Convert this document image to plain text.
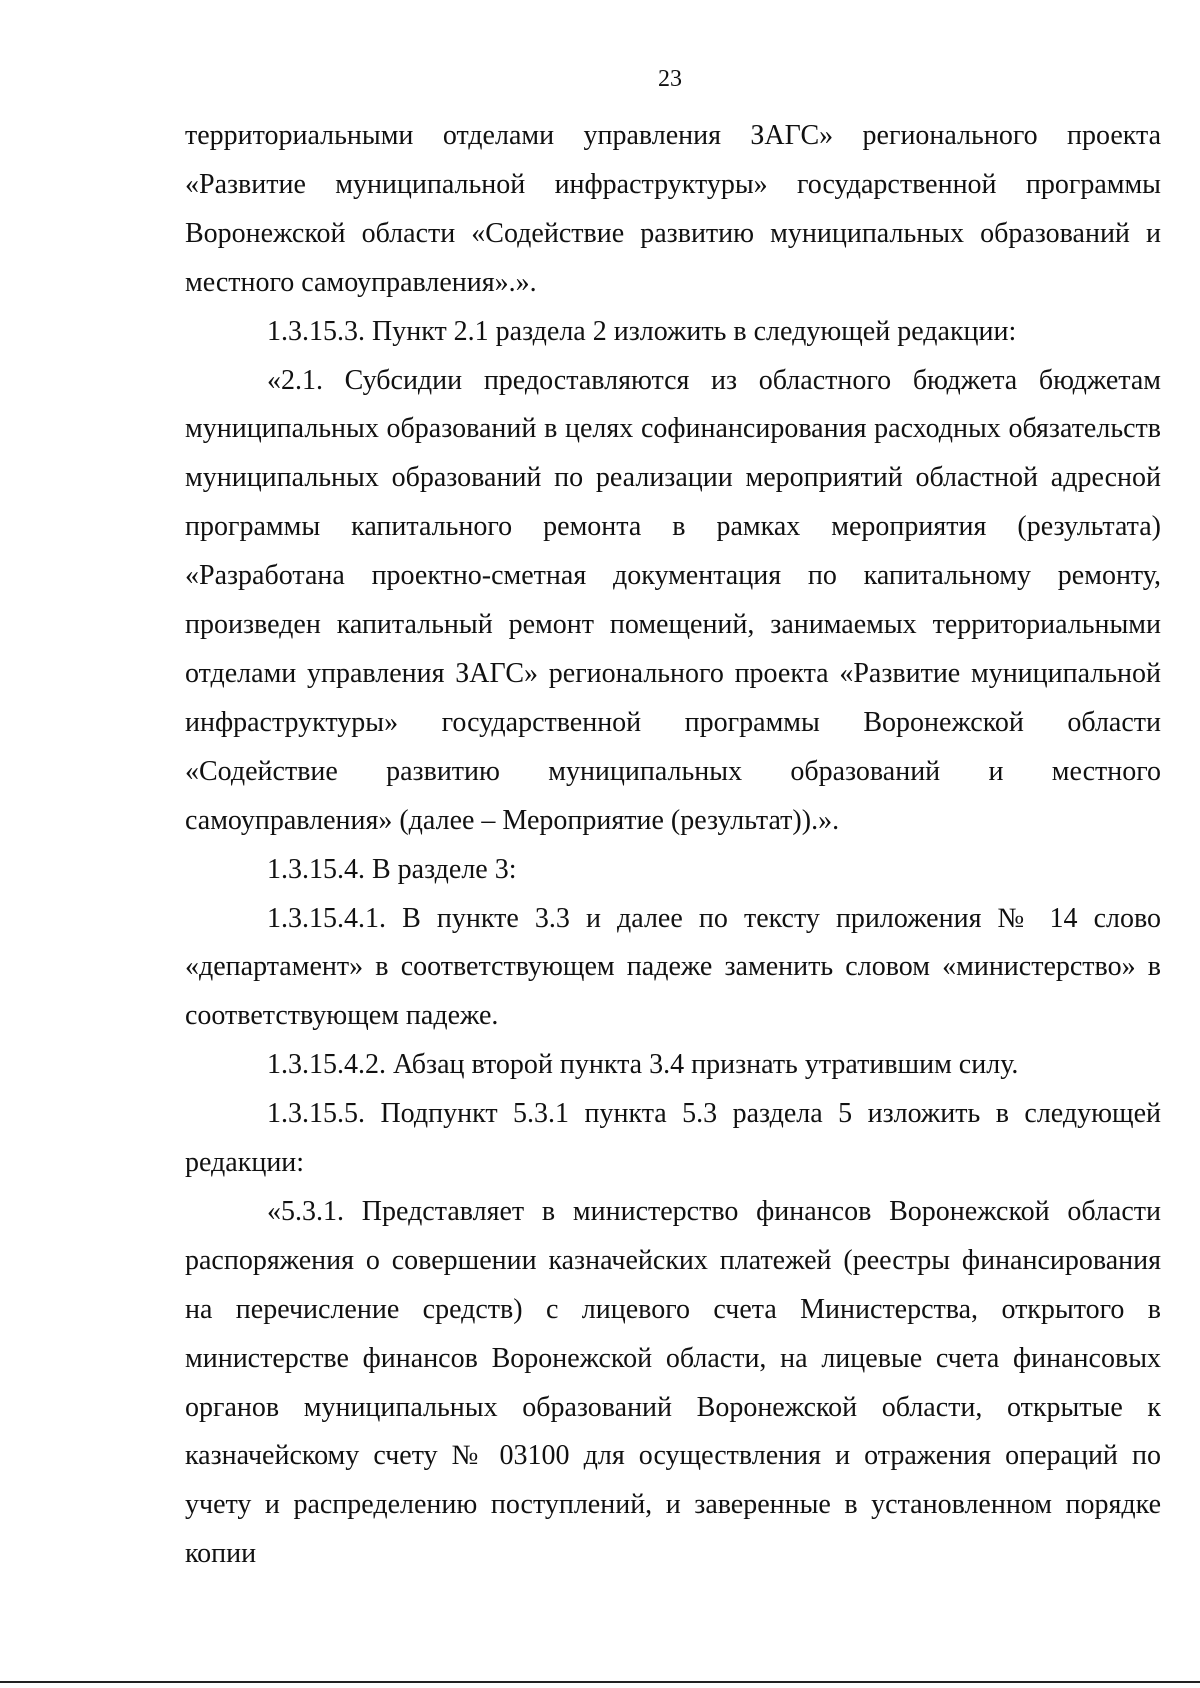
23

территориальными отделами управления ЗАГС» регионального проекта «Развитие муниципальной инфраструктуры» государственной программы Воронежской области «Содействие развитию муниципальных образований и местного самоуправления».».

1.3.15.3. Пункт 2.1 раздела 2 изложить в следующей редакции:

«2.1. Субсидии предоставляются из областного бюджета бюджетам муниципальных образований в целях софинансирования расходных обязательств муниципальных образований по реализации мероприятий областной адресной программы капитального ремонта в рамках мероприятия (результата) «Разработана проектно-сметная документация по капитальному ремонту, произведен капитальный ремонт помещений, занимаемых территориальными отделами управления ЗАГС» регионального проекта «Развитие муниципальной инфраструктуры» государственной программы Воронежской области «Содействие развитию муниципальных образований и местного самоуправления» (далее – Мероприятие (результат)).».

1.3.15.4. В разделе 3:

1.3.15.4.1. В пункте 3.3 и далее по тексту приложения № 14 слово «департамент» в соответствующем падеже заменить словом «министерство» в соответствующем падеже.

1.3.15.4.2. Абзац второй пункта 3.4 признать утратившим силу.

1.3.15.5. Подпункт 5.3.1 пункта 5.3 раздела 5 изложить в следующей редакции:

«5.3.1. Представляет в министерство финансов Воронежской области распоряжения о совершении казначейских платежей (реестры финансирования на перечисление средств) с лицевого счета Министерства, открытого в министерстве финансов Воронежской области, на лицевые счета финансовых органов муниципальных образований Воронежской области, открытые к казначейскому счету № 03100 для осуществления и отражения операций по учету и распределению поступлений, и заверенные в установленном порядке копии
